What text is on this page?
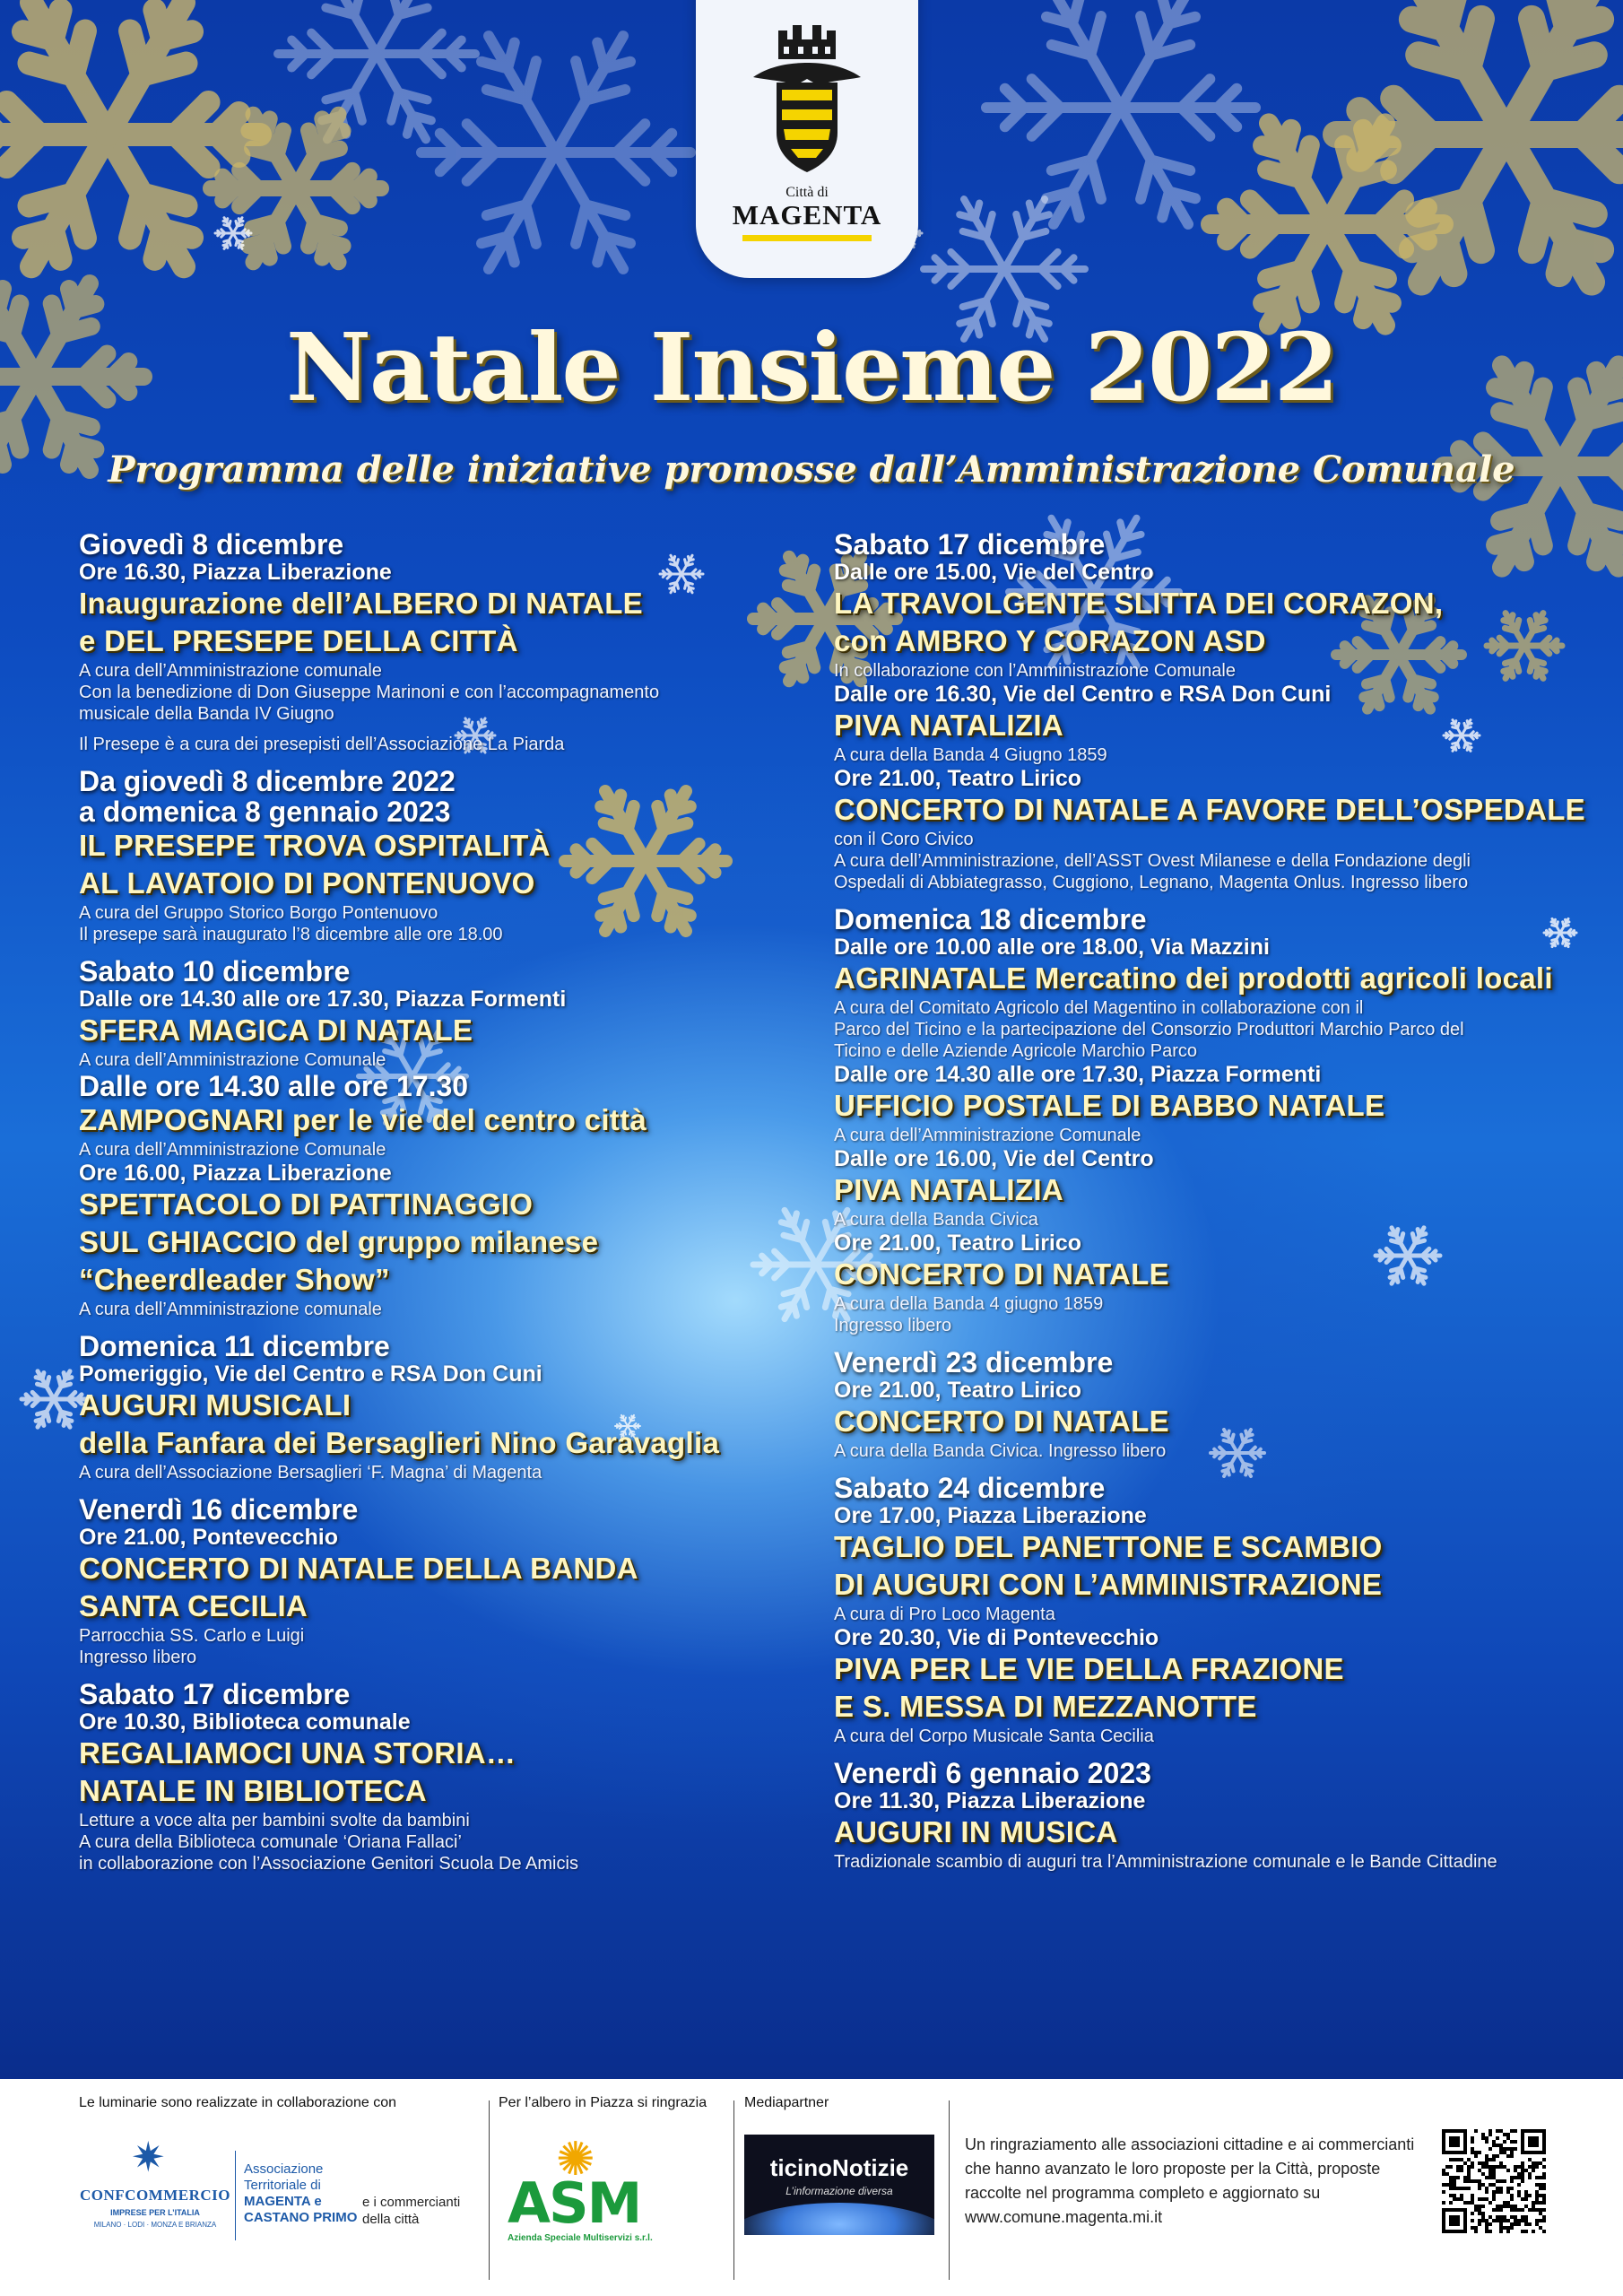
Città di
MAGENTA
Natale Insieme 2022
Programma delle iniziative promosse dall’Amministrazione Comunale
Giovedì 8 dicembre
Ore 16.30, Piazza Liberazione
Inaugurazione dell’ALBERO DI NATALE
e DEL PRESEPE DELLA CITTÀ
A cura dell’Amministrazione comunale
Con la benedizione di Don Giuseppe Marinoni e con l’accompagnamento
musicale della Banda IV Giugno
Il Presepe è a cura dei presepisti dell’Associazione La Piarda
Da giovedì 8 dicembre 2022
a domenica 8 gennaio 2023
IL PRESEPE TROVA OSPITALITÀ
AL LAVATOIO DI PONTENUOVO
A cura del Gruppo Storico Borgo Pontenuovo
Il presepe sarà inaugurato l’8 dicembre alle ore 18.00
Sabato 10 dicembre
Dalle ore 14.30 alle ore 17.30, Piazza Formenti
SFERA MAGICA DI NATALE
A cura dell’Amministrazione Comunale
Dalle ore 14.30 alle ore 17.30
ZAMPOGNARI per le vie del centro città
A cura dell’Amministrazione Comunale
Ore 16.00, Piazza Liberazione
SPETTACOLO DI PATTINAGGIO
SUL GHIACCIO del gruppo milanese
“Cheerdleader Show”
A cura dell’Amministrazione comunale
Domenica 11 dicembre
Pomeriggio, Vie del Centro e RSA Don Cuni
AUGURI MUSICALI
della Fanfara dei Bersaglieri Nino Garavaglia
A cura dell’Associazione Bersaglieri ‘F. Magna’ di Magenta
Venerdì 16 dicembre
Ore 21.00, Pontevecchio
CONCERTO DI NATALE DELLA BANDA
SANTA CECILIA
Parrocchia SS. Carlo e Luigi
Ingresso libero
Sabato 17 dicembre
Ore 10.30, Biblioteca comunale
REGALIAMOCI UNA STORIA…
NATALE IN BIBLIOTECA
Letture a voce alta per bambini svolte da bambini
A cura della Biblioteca comunale ‘Oriana Fallaci’
in collaborazione con l’Associazione Genitori Scuola De Amicis
Sabato 17 dicembre
Dalle ore 15.00, Vie del Centro
LA TRAVOLGENTE SLITTA DEI CORAZON,
con AMBRO Y CORAZON ASD
In collaborazione con l’Amministrazione Comunale
Dalle ore 16.30, Vie del Centro e RSA Don Cuni
PIVA NATALIZIA
A cura della Banda 4 Giugno 1859
Ore 21.00, Teatro Lirico
CONCERTO DI NATALE A FAVORE DELL’OSPEDALE
con il Coro Civico
A cura dell’Amministrazione, dell’ASST Ovest Milanese e della Fondazione degli
Ospedali di Abbiategrasso, Cuggiono, Legnano, Magenta Onlus. Ingresso libero
Domenica 18 dicembre
Dalle ore 10.00 alle ore 18.00, Via Mazzini
AGRINATALE Mercatino dei prodotti agricoli locali
A cura del Comitato Agricolo del Magentino in collaborazione con il
Parco del Ticino e la partecipazione del Consorzio Produttori Marchio Parco del
Ticino e delle Aziende Agricole Marchio Parco
Dalle ore 14.30 alle ore 17.30, Piazza Formenti
UFFICIO POSTALE DI BABBO NATALE
A cura dell’Amministrazione Comunale
Dalle ore 16.00, Vie del Centro
PIVA NATALIZIA
A cura della Banda Civica
Ore 21.00, Teatro Lirico
CONCERTO DI NATALE
A cura della Banda 4 giugno 1859
Ingresso libero
Venerdì 23 dicembre
Ore 21.00, Teatro Lirico
CONCERTO DI NATALE
A cura della Banda Civica. Ingresso libero
Sabato 24 dicembre
Ore 17.00, Piazza Liberazione
TAGLIO DEL PANETTONE E SCAMBIO
DI AUGURI CON L’AMMINISTRAZIONE
A cura di Pro Loco Magenta
Ore 20.30, Vie di Pontevecchio
PIVA PER LE VIE DELLA FRAZIONE
E S. MESSA DI MEZZANOTTE
A cura del Corpo Musicale Santa Cecilia
Venerdì 6 gennaio 2023
Ore 11.30, Piazza Liberazione
AUGURI IN MUSICA
Tradizionale scambio di auguri tra l’Amministrazione comunale e le Bande Cittadine
Le luminarie sono realizzate in collaborazione con	Per l’albero in Piazza si ringrazia	Mediapartner
✷
CONFCOMMERCIO
IMPRESE PER L’ITALIA
MILANO · LODI · MONZA E BRIANZA
Associazione
Territoriale di
MAGENTA e
CASTANO PRIMO
e i commercianti
della città
✺
ASM
Azienda Speciale Multiservizi s.r.l.
ticinoNotizie
L’informazione diversa
Un ringraziamento alle associazioni cittadine e ai commercianti
che hanno avanzato le loro proposte per la Città, proposte
raccolte nel programma completo e aggiornato su
www.comune.magenta.mi.it
